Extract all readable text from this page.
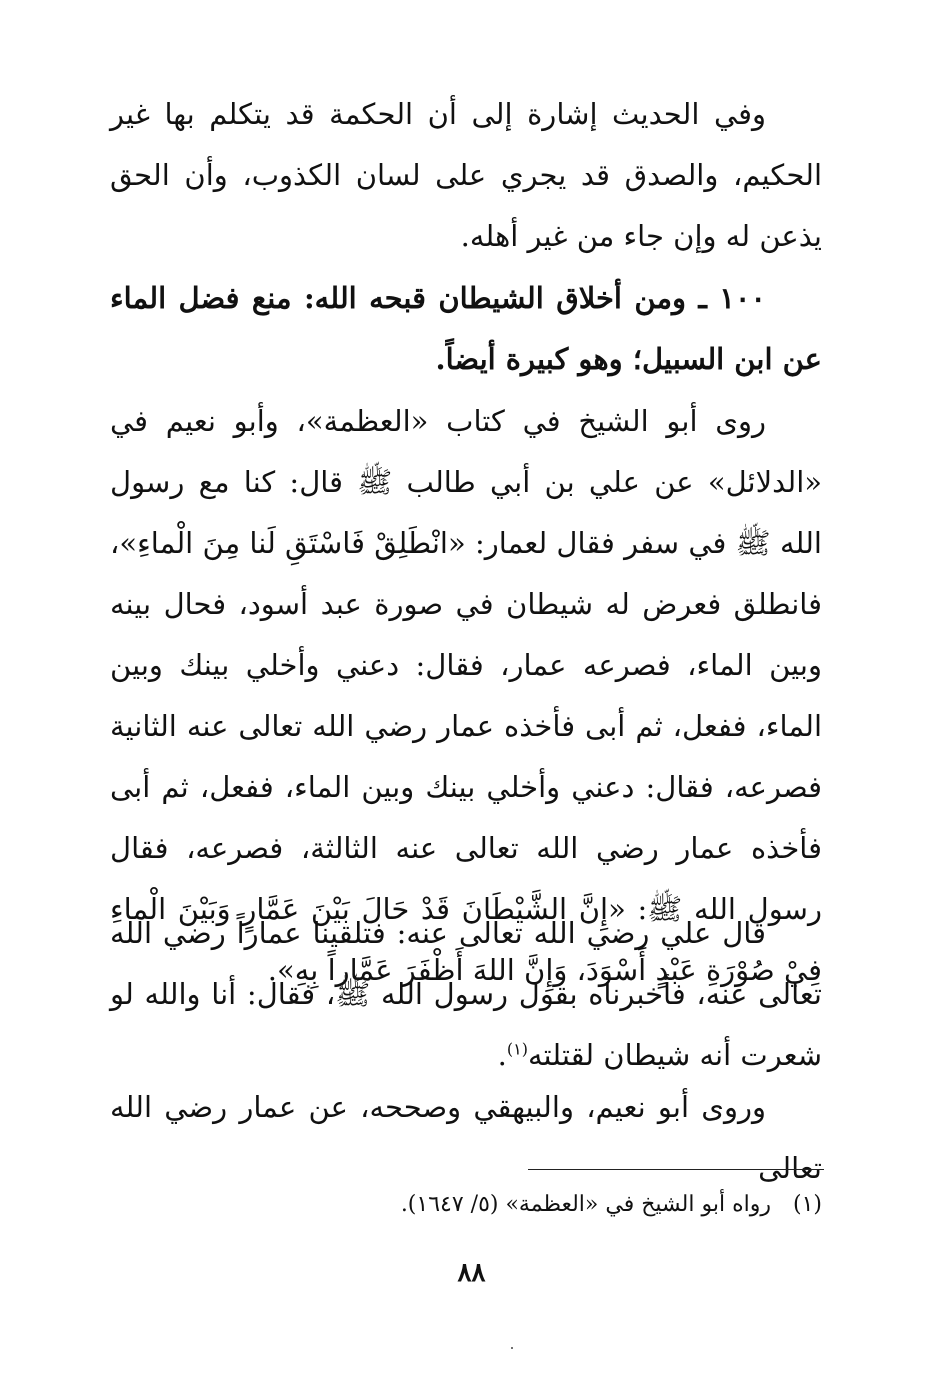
وفي الحديث إشارة إلى أن الحكمة قد يتكلم بها غير الحكيم، والصدق قد يجري على لسان الكذوب، وأن الحق يذعن له وإن جاء من غير أهله.

١٠٠ ـ ومن أخلاق الشيطان قبحه الله: منع فضل الماء عن ابن السبيل؛ وهو كبيرة أيضاً.

روى أبو الشيخ في كتاب «العظمة»، وأبو نعيم في «الدلائل» عن علي بن أبي طالب ﷺ قال: كنا مع رسول الله ﷺ في سفر فقال لعمار: «انْطَلِقْ فَاسْتَقِ لَنا مِنَ الْماءِ»، فانطلق فعرض له شيطان في صورة عبد أسود، فحال بينه وبين الماء، فصرعه عمار، فقال: دعني وأخلي بينك وبين الماء، ففعل، ثم أبى فأخذه عمار رضي الله تعالى عنه الثانية فصرعه، فقال: دعني وأخلي بينك وبين الماء، ففعل، ثم أبى فأخذه عمار رضي الله تعالى عنه الثالثة، فصرعه، فقال رسول الله ﷺ: «إِنَّ الشَّيْطَانَ قَدْ حَالَ بَيْنَ عَمَّارٍ وَبَيْنَ الْماءِ فِيْ صُوْرَةِ عَبْدٍ أَسْوَدَ، وَإِنَّ اللهَ أَظْفَرَ عَمَّاراً بِهِ».

قال علي رضي الله تعالى عنه: فتلقينا عماراً رضي الله تعالى عنه، فأخبرناه بقول رسول الله ﷺ، فقال: أنا والله لو شعرت أنه شيطان لقتلته$^{(١)}$.

وروى أبو نعيم، والبيهقي وصححه، عن عمار رضي الله تعالى

(١)رواه أبو الشيخ في «العظمة» (٥/ ١٦٤٧).
٨٨
